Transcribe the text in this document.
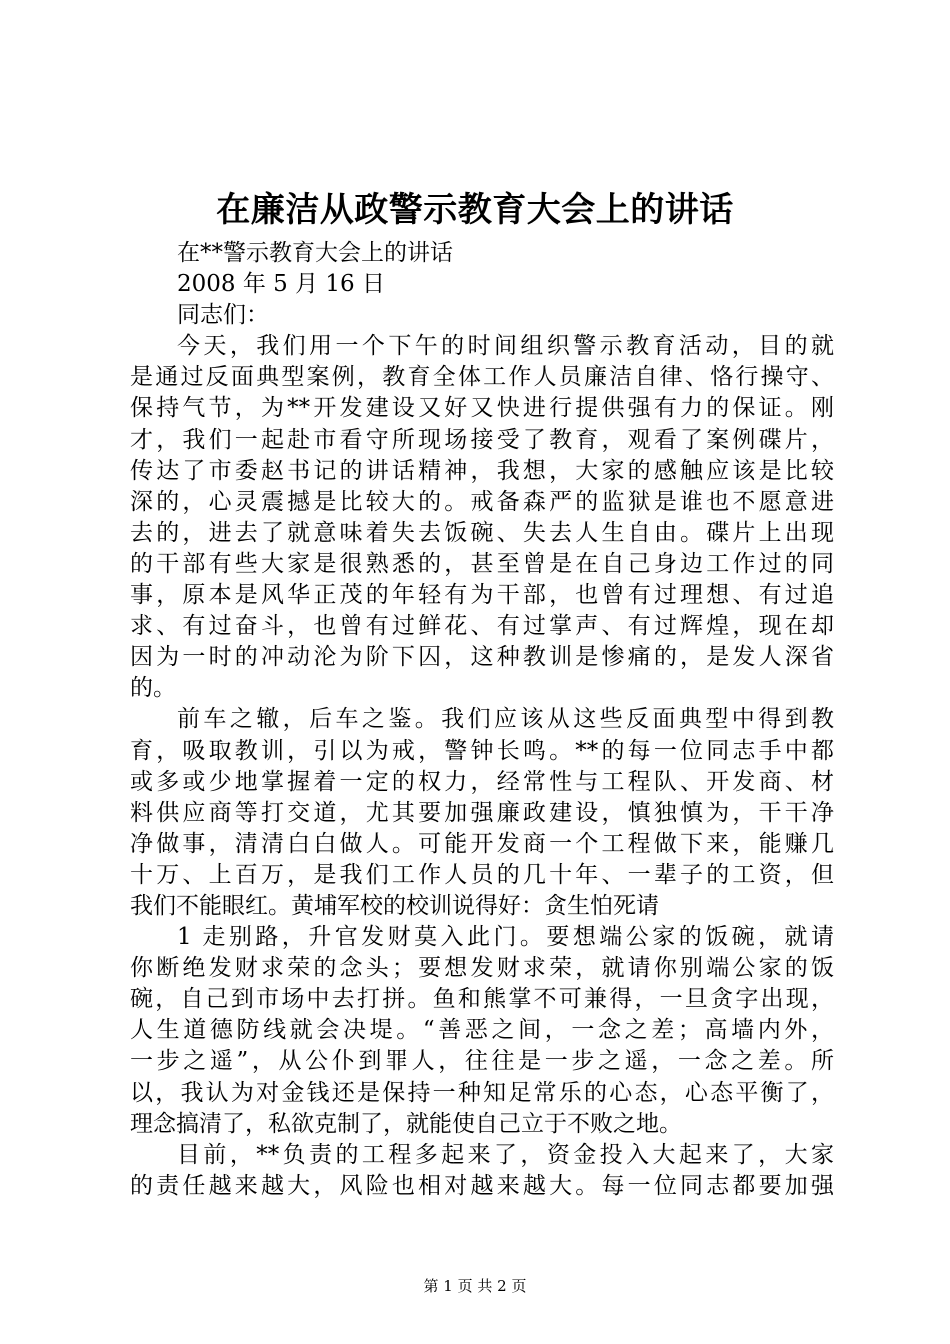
在廉洁从政警示教育大会上的讲话
在**警示教育大会上的讲话
2008 年 5 月 16 日
同志们：
今天，我们用一个下午的时间组织警示教育活动，目的就
是通过反面典型案例，教育全体工作人员廉洁自律、恪行操守、
保持气节，为**开发建设又好又快进行提供强有力的保证。刚
才，我们一起赴市看守所现场接受了教育，观看了案例碟片，
传达了市委赵书记的讲话精神，我想，大家的感触应该是比较
深的，心灵震撼是比较大的。戒备森严的监狱是谁也不愿意进
去的，进去了就意味着失去饭碗、失去人生自由。碟片上出现
的干部有些大家是很熟悉的，甚至曾是在自己身边工作过的同
事，原本是风华正茂的年轻有为干部，也曾有过理想、有过追
求、有过奋斗，也曾有过鲜花、有过掌声、有过辉煌，现在却
因为一时的冲动沦为阶下囚，这种教训是惨痛的，是发人深省
的。
前车之辙，后车之鉴。我们应该从这些反面典型中得到教
育，吸取教训，引以为戒，警钟长鸣。**的每一位同志手中都
或多或少地掌握着一定的权力，经常性与工程队、开发商、材
料供应商等打交道，尤其要加强廉政建设，慎独慎为，干干净
净做事，清清白白做人。可能开发商一个工程做下来，能赚几
十万、上百万，是我们工作人员的几十年、一辈子的工资，但
我们不能眼红。黄埔军校的校训说得好：贪生怕死请
1 走别路，升官发财莫入此门。要想端公家的饭碗，就请
你断绝发财求荣的念头；要想发财求荣，就请你别端公家的饭
碗，自己到市场中去打拼。鱼和熊掌不可兼得，一旦贪字出现，
人生道德防线就会决堤。“善恶之间，一念之差；高墙内外，
一步之遥”，从公仆到罪人，往往是一步之遥，一念之差。所
以，我认为对金钱还是保持一种知足常乐的心态，心态平衡了，
理念搞清了，私欲克制了，就能使自己立于不败之地。
目前，**负责的工程多起来了，资金投入大起来了，大家
的责任越来越大，风险也相对越来越大。每一位同志都要加强
第 1 页 共 2 页
